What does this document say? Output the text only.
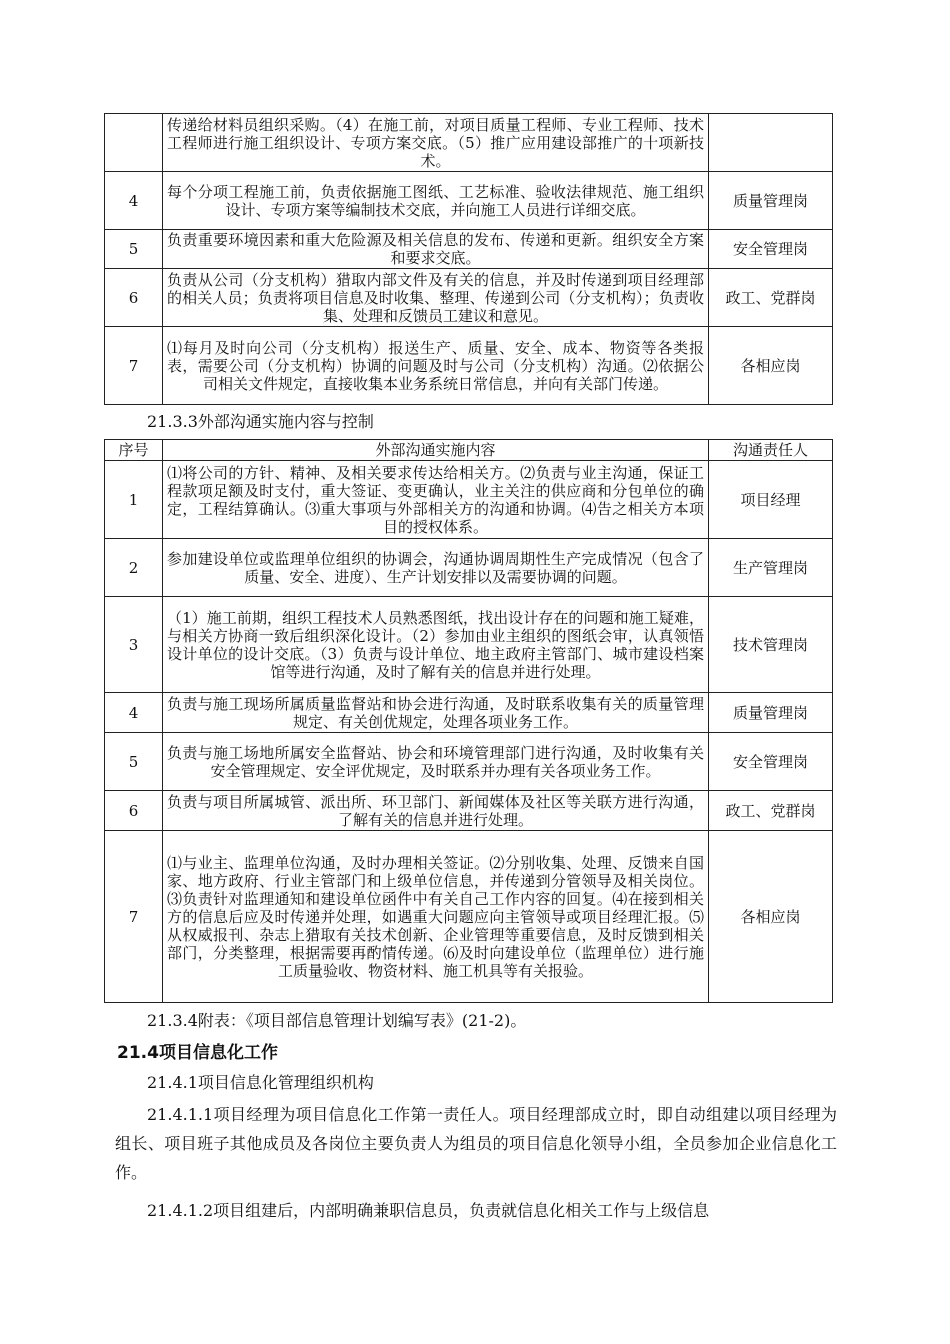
	传递给材料员组织采购。（4）在施工前，对项目质量工程师、专业工程师、技术工程师进行施工组织设计、专项方案交底。（5）推广应用建设部推广的十项新技术。	
4	每个分项工程施工前，负责依据施工图纸、工艺标准、验收法律规范、施工组织设计、专项方案等编制技术交底，并向施工人员进行详细交底。	质量管理岗
5	负责重要环境因素和重大危险源及相关信息的发布、传递和更新。组织安全方案和要求交底。	安全管理岗
6	负责从公司（分支机构）猎取内部文件及有关的信息，并及时传递到项目经理部的相关人员；负责将项目信息及时收集、整理、传递到公司（分支机构）；负责收集、处理和反馈员工建议和意见。	政工、党群岗
7	⑴每月及时向公司（分支机构）报送生产、质量、安全、成本、物资等各类报表，需要公司（分支机构）协调的问题及时与公司（分支机构）沟通。⑵依据公司相关文件规定，直接收集本业务系统日常信息，并向有关部门传递。	各相应岗
21.3.3外部沟通实施内容与控制
序号	外部沟通实施内容	沟通责任人
1	⑴将公司的方针、精神、及相关要求传达给相关方。⑵负责与业主沟通，保证工程款项足额及时支付，重大签证、变更确认，业主关注的供应商和分包单位的确定，工程结算确认。⑶重大事项与外部相关方的沟通和协调。⑷告之相关方本项目的授权体系。	项目经理
2	参加建设单位或监理单位组织的协调会，沟通协调周期性生产完成情况（包含了质量、安全、进度）、生产计划安排以及需要协调的问题。	生产管理岗
3	（1）施工前期，组织工程技术人员熟悉图纸，找出设计存在的问题和施工疑难，与相关方协商一致后组织深化设计。（2）参加由业主组织的图纸会审，认真领悟设计单位的设计交底。（3）负责与设计单位、地主政府主管部门、城市建设档案馆等进行沟通，及时了解有关的信息并进行处理。	技术管理岗
4	负责与施工现场所属质量监督站和协会进行沟通，及时联系收集有关的质量管理规定、有关创优规定，处理各项业务工作。	质量管理岗
5	负责与施工场地所属安全监督站、协会和环境管理部门进行沟通，及时收集有关安全管理规定、安全评优规定，及时联系并办理有关各项业务工作。	安全管理岗
6	负责与项目所属城管、派出所、环卫部门、新闻媒体及社区等关联方进行沟通，了解有关的信息并进行处理。	政工、党群岗
7	⑴与业主、监理单位沟通，及时办理相关签证。⑵分别收集、处理、反馈来自国家、地方政府、行业主管部门和上级单位信息，并传递到分管领导及相关岗位。⑶负责针对监理通知和建设单位函件中有关自己工作内容的回复。⑷在接到相关方的信息后应及时传递并处理，如遇重大问题应向主管领导或项目经理汇报。⑸从权威报刊、杂志上猎取有关技术创新、企业管理等重要信息，及时反馈到相关部门，分类整理，根据需要再酌情传递。⑹及时向建设单位（监理单位）进行施工质量验收、物资材料、施工机具等有关报验。	各相应岗
21.3.4附表：《项目部信息管理计划编写表》(21-2)。
21.4项目信息化工作
21.4.1项目信息化管理组织机构
21.4.1.1项目经理为项目信息化工作第一责任人。项目经理部成立时，即自动组建以项目经理为组长、项目班子其他成员及各岗位主要负责人为组员的项目信息化领导小组，全员参加企业信息化工作。
21.4.1.2项目组建后，内部明确兼职信息员，负责就信息化相关工作与上级信息
